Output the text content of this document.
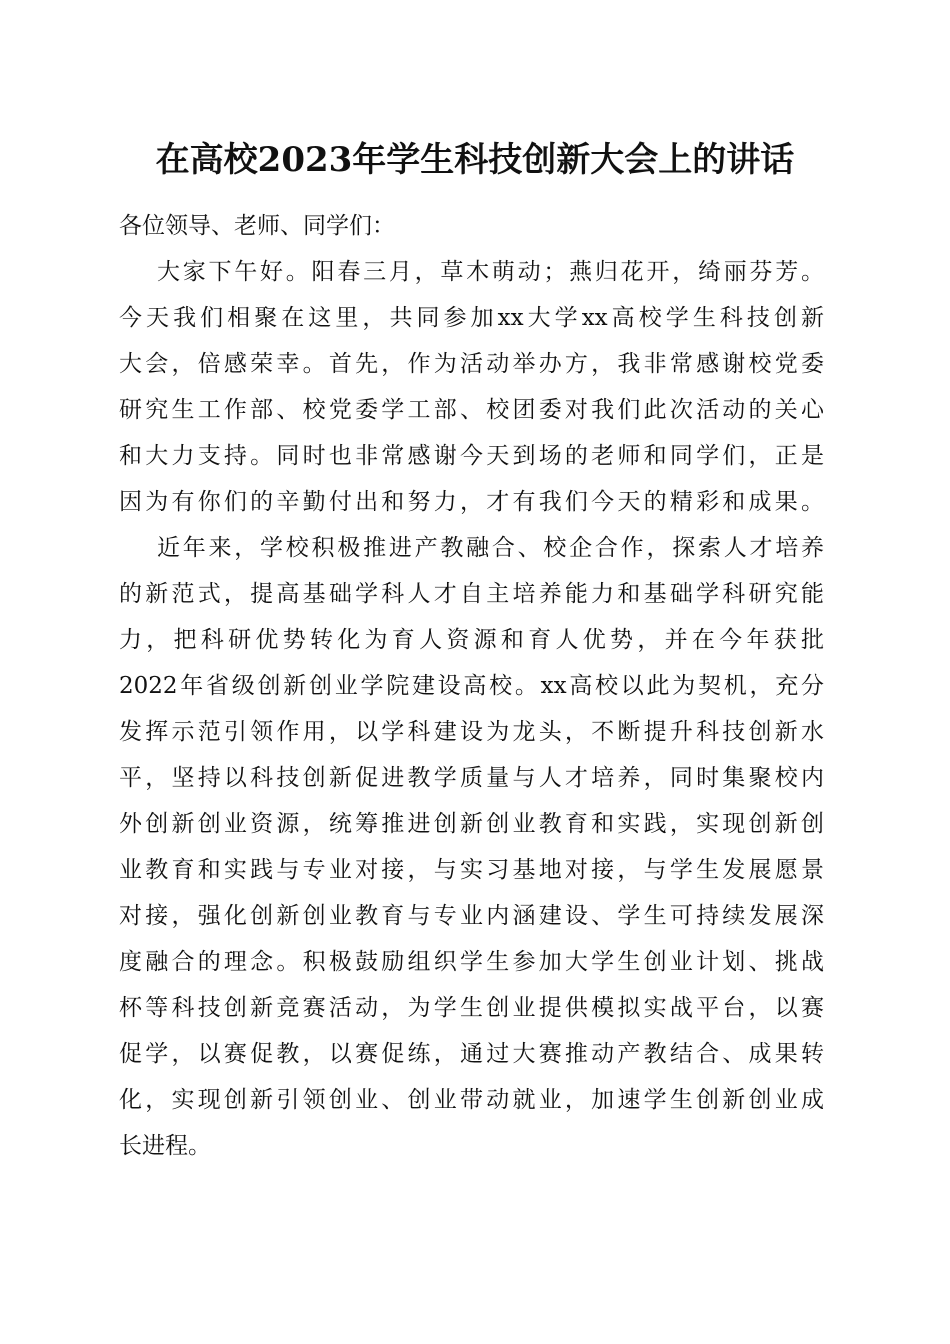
在高校2023年学生科技创新大会上的讲话
各位领导、老师、同学们：
大家下午好。阳春三月，草木萌动；燕归花开，绮丽芬芳。
今天我们相聚在这里，共同参加xx大学xx高校学生科技创新
大会，倍感荣幸。首先，作为活动举办方，我非常感谢校党委
研究生工作部、校党委学工部、校团委对我们此次活动的关心
和大力支持。同时也非常感谢今天到场的老师和同学们，正是
因为有你们的辛勤付出和努力，才有我们今天的精彩和成果。
近年来，学校积极推进产教融合、校企合作，探索人才培养
的新范式，提高基础学科人才自主培养能力和基础学科研究能
力，把科研优势转化为育人资源和育人优势，并在今年获批
2022年省级创新创业学院建设高校。xx高校以此为契机，充分
发挥示范引领作用，以学科建设为龙头，不断提升科技创新水
平，坚持以科技创新促进教学质量与人才培养，同时集聚校内
外创新创业资源，统筹推进创新创业教育和实践，实现创新创
业教育和实践与专业对接，与实习基地对接，与学生发展愿景
对接，强化创新创业教育与专业内涵建设、学生可持续发展深
度融合的理念。积极鼓励组织学生参加大学生创业计划、挑战
杯等科技创新竞赛活动，为学生创业提供模拟实战平台，以赛
促学，以赛促教，以赛促练，通过大赛推动产教结合、成果转
化，实现创新引领创业、创业带动就业，加速学生创新创业成
长进程。
